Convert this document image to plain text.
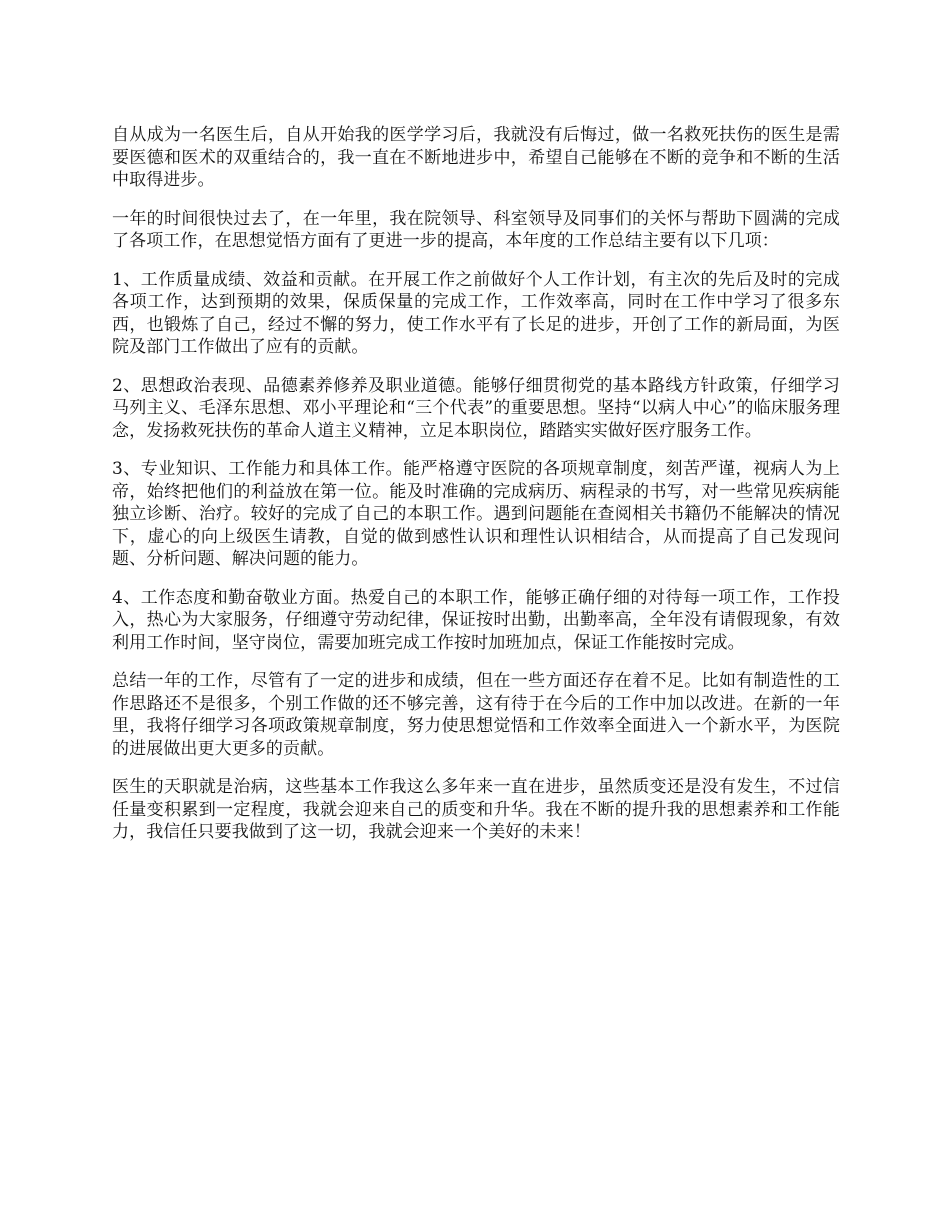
自从成为一名医生后，自从开始我的医学学习后，我就没有后悔过，做一名救死扶伤的医生是需要医德和医术的双重结合的，我一直在不断地进步中，希望自己能够在不断的竞争和不断的生活中取得进步。

一年的时间很快过去了，在一年里，我在院领导、科室领导及同事们的关怀与帮助下圆满的完成了各项工作，在思想觉悟方面有了更进一步的提高，本年度的工作总结主要有以下几项：

1、工作质量成绩、效益和贡献。在开展工作之前做好个人工作计划，有主次的先后及时的完成各项工作，达到预期的效果，保质保量的完成工作，工作效率高，同时在工作中学习了很多东西，也锻炼了自己，经过不懈的努力，使工作水平有了长足的进步，开创了工作的新局面，为医院及部门工作做出了应有的贡献。

2、思想政治表现、品德素养修养及职业道德。能够仔细贯彻党的基本路线方针政策，仔细学习马列主义、毛泽东思想、邓小平理论和“三个代表”的重要思想。坚持“以病人中心”的临床服务理念，发扬救死扶伤的革命人道主义精神，立足本职岗位，踏踏实实做好医疗服务工作。

3、专业知识、工作能力和具体工作。能严格遵守医院的各项规章制度，刻苦严谨，视病人为上帝，始终把他们的利益放在第一位。能及时准确的完成病历、病程录的书写，对一些常见疾病能独立诊断、治疗。较好的完成了自己的本职工作。遇到问题能在查阅相关书籍仍不能解决的情况下，虚心的向上级医生请教，自觉的做到感性认识和理性认识相结合，从而提高了自己发现问题、分析问题、解决问题的能力。

4、工作态度和勤奋敬业方面。热爱自己的本职工作，能够正确仔细的对待每一项工作，工作投入，热心为大家服务，仔细遵守劳动纪律，保证按时出勤，出勤率高，全年没有请假现象，有效利用工作时间，坚守岗位，需要加班完成工作按时加班加点，保证工作能按时完成。

总结一年的工作，尽管有了一定的进步和成绩，但在一些方面还存在着不足。比如有制造性的工作思路还不是很多，个别工作做的还不够完善，这有待于在今后的工作中加以改进。在新的一年里，我将仔细学习各项政策规章制度，努力使思想觉悟和工作效率全面进入一个新水平，为医院的进展做出更大更多的贡献。

医生的天职就是治病，这些基本工作我这么多年来一直在进步，虽然质变还是没有发生，不过信任量变积累到一定程度，我就会迎来自己的质变和升华。我在不断的提升我的思想素养和工作能力，我信任只要我做到了这一切，我就会迎来一个美好的未来！
